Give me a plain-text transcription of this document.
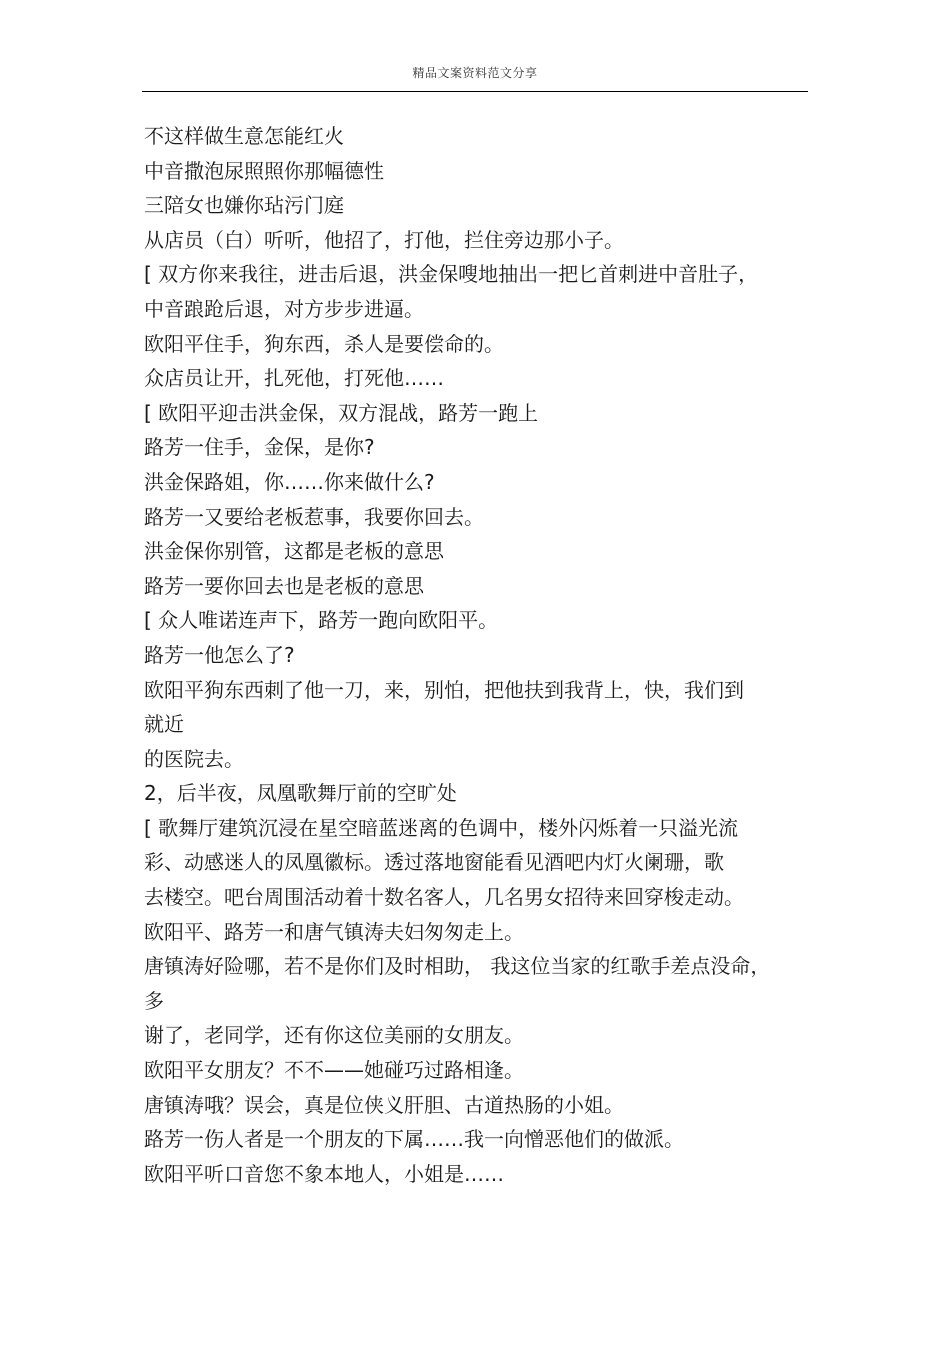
精品文案资料范文分享
不这样做生意怎能红火
中音撒泡尿照照你那幅德性
三陪女也嫌你玷污门庭
从店员（白）听听，他招了，打他，拦住旁边那小子。
[ 双方你来我往，进击后退，洪金保嗖地抽出一把匕首刺进中音肚子，
中音踉跄后退，对方步步进逼。
欧阳平住手，狗东西，杀人是要偿命的。
众店员让开，扎死他，打死他……
[ 欧阳平迎击洪金保，双方混战，路芳一跑上
路芳一住手，金保，是你?
洪金保路姐，你……你来做什么?
路芳一又要给老板惹事，我要你回去。
洪金保你别管，这都是老板的意思
路芳一要你回去也是老板的意思
[ 众人唯诺连声下，路芳一跑向欧阳平。
路芳一他怎么了?
欧阳平狗东西刺了他一刀，来，别怕，把他扶到我背上，快，我们到
就近
的医院去。
2，后半夜，凤凰歌舞厅前的空旷处
[ 歌舞厅建筑沉浸在星空暗蓝迷离的色调中，楼外闪烁着一只溢光流
彩、动感迷人的凤凰徽标。透过落地窗能看见酒吧内灯火阑珊，歌
去楼空。吧台周围活动着十数名客人，几名男女招待来回穿梭走动。
欧阳平、路芳一和唐气镇涛夫妇匆匆走上。
唐镇涛好险哪，若不是你们及时相助， 我这位当家的红歌手差点没命，
多
谢了，老同学，还有你这位美丽的女朋友。
欧阳平女朋友？不不——她碰巧过路相逢。
唐镇涛哦？误会，真是位侠义肝胆、古道热肠的小姐。
路芳一伤人者是一个朋友的下属……我一向憎恶他们的做派。
欧阳平听口音您不象本地人，小姐是……
